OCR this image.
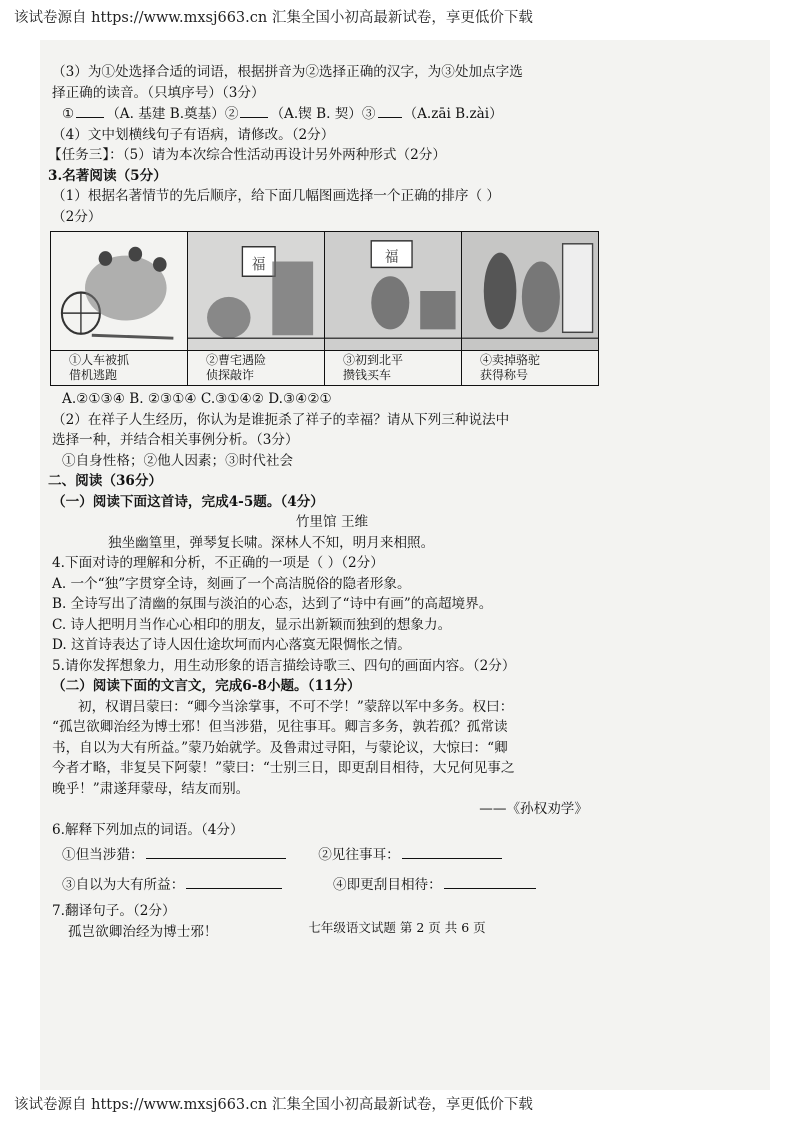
该试卷源自 https://www.mxsj663.cn 汇集全国小初高最新试卷，享更低价下载
该试卷源自 https://www.mxsj663.cn 汇集全国小初高最新试卷，享更低价下载
（3）为①处选择合适的词语，根据拼音为②选择正确的汉字，为③处加点字选
择正确的读音。（只填序号）（3分）
① （A. 基建 B.奠基）② （A.锲 B. 契）③ （A.zāi B.zài）
（4）文中划横线句子有语病，请修改。（2分）
【任务三】：（5）请为本次综合性活动再设计另外两种形式（2分）
3.名著阅读（5分）
（1）根据名著情节的先后顺序，给下面几幅图画选择一个正确的排序（ ）
（2分）
①人车被抓
借机逃跑
福
②曹宅遇险
侦探敲诈
福
③初到北平
攒钱买车
④卖掉骆驼
获得称号
A.②①③④ B. ②③①④ C.③①④② D.③④②①
（2）在祥子人生经历，你认为是谁扼杀了祥子的幸福？请从下列三种说法中
选择一种，并结合相关事例分析。（3分）
①自身性格；②他人因素；③时代社会
二、阅读（36分）
（一）阅读下面这首诗，完成4-5题。（4分）
竹里馆 王维
独坐幽篁里，弹琴复长啸。深林人不知，明月来相照。
4.下面对诗的理解和分析，不正确的一项是（ ）（2分）
A. 一个“独”字贯穿全诗，刻画了一个高洁脱俗的隐者形象。
B. 全诗写出了清幽的氛围与淡泊的心态，达到了“诗中有画”的高超境界。
C. 诗人把明月当作心心相印的朋友，显示出新颖而独到的想象力。
D. 这首诗表达了诗人因仕途坎坷而内心落寞无限惆怅之情。
5.请你发挥想象力，用生动形象的语言描绘诗歌三、四句的画面内容。（2分）
（二）阅读下面的文言文，完成6-8小题。（11分）
初，权谓吕蒙曰：“卿今当涂掌事，不可不学！”蒙辞以军中多务。权曰：
“孤岂欲卿治经为博士邪！但当涉猎，见往事耳。卿言多务，孰若孤？孤常读
书，自以为大有所益。”蒙乃始就学。及鲁肃过寻阳，与蒙论议，大惊曰：“卿
今者才略，非复吴下阿蒙！”蒙曰：“士别三日，即更刮目相待，大兄何见事之
晚乎！”肃遂拜蒙母，结友而别。
——《孙权劝学》
6.解释下列加点的词语。（4分）
①但当涉猎：	②见往事耳：
③自以为大有所益：	④即更刮目相待：
7.翻译句子。（2分）
孤岂欲卿治经为博士邪！	七年级语文试题 第 2 页 共 6 页
